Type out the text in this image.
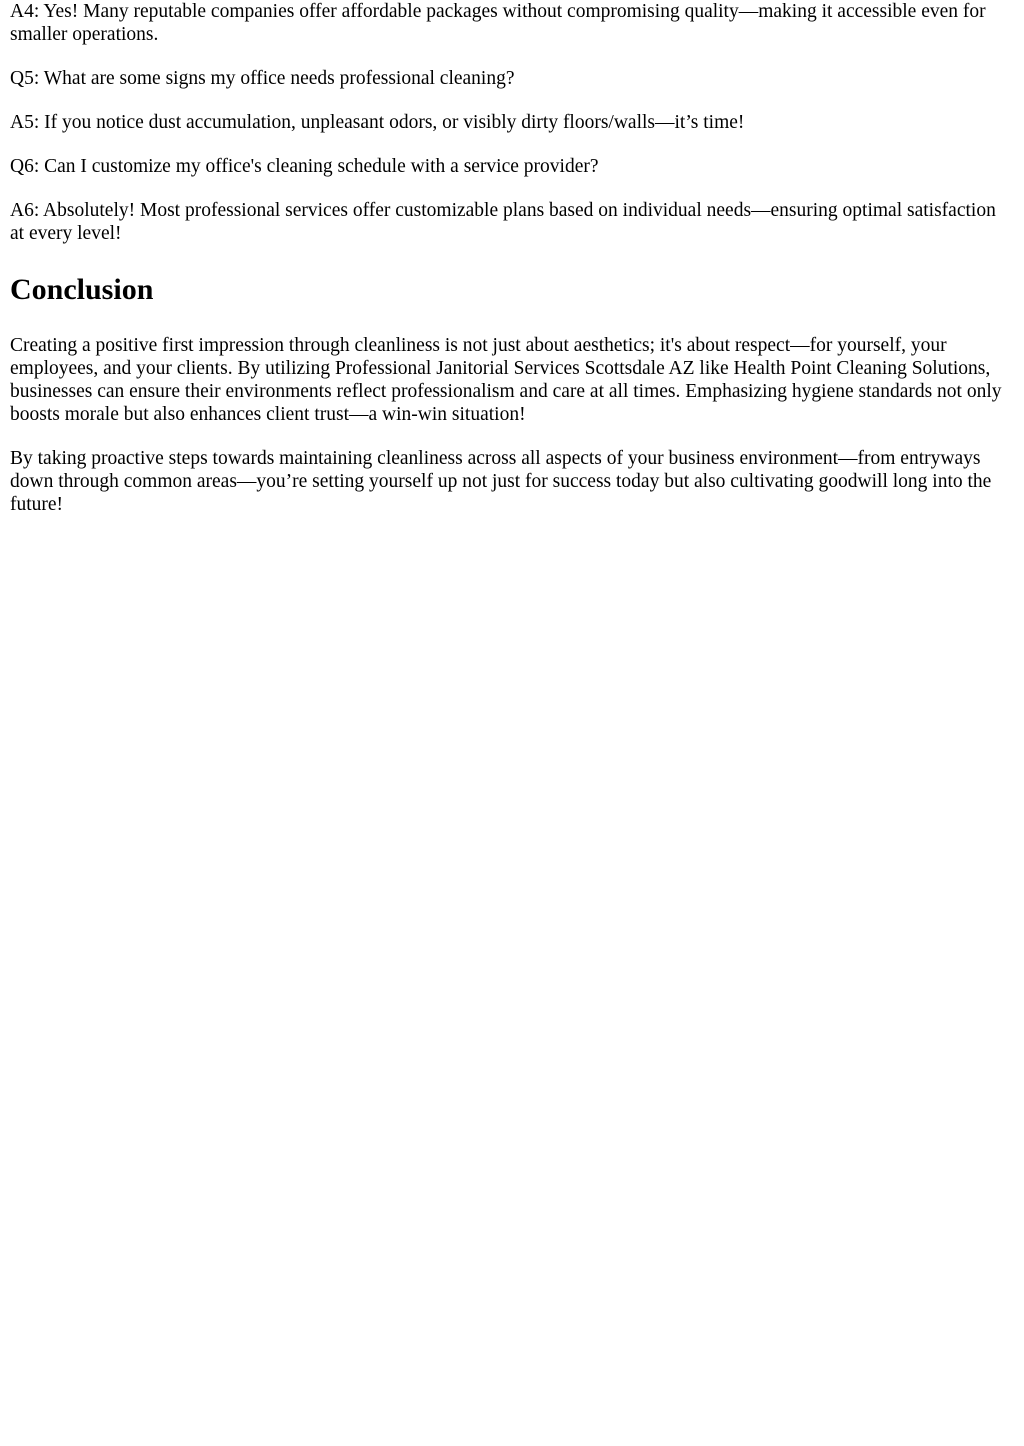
A4: Yes! Many reputable companies offer affordable packages without compromising quality—making it accessible even for smaller operations.

Q5: What are some signs my office needs professional cleaning?

A5: If you notice dust accumulation, unpleasant odors, or visibly dirty floors/walls—it’s time!

Q6: Can I customize my office's cleaning schedule with a service provider?

A6: Absolutely! Most professional services offer customizable plans based on individual needs—ensuring optimal satisfaction at every level!

Conclusion

Creating a positive first impression through cleanliness is not just about aesthetics; it's about respect—for yourself, your employees, and your clients. By utilizing Professional Janitorial Services Scottsdale AZ like Health Point Cleaning Solutions, businesses can ensure their environments reflect professionalism and care at all times. Emphasizing hygiene standards not only boosts morale but also enhances client trust—a win-win situation!

By taking proactive steps towards maintaining cleanliness across all aspects of your business environment—from entryways down through common areas—you’re setting yourself up not just for success today but also cultivating goodwill long into the future!
